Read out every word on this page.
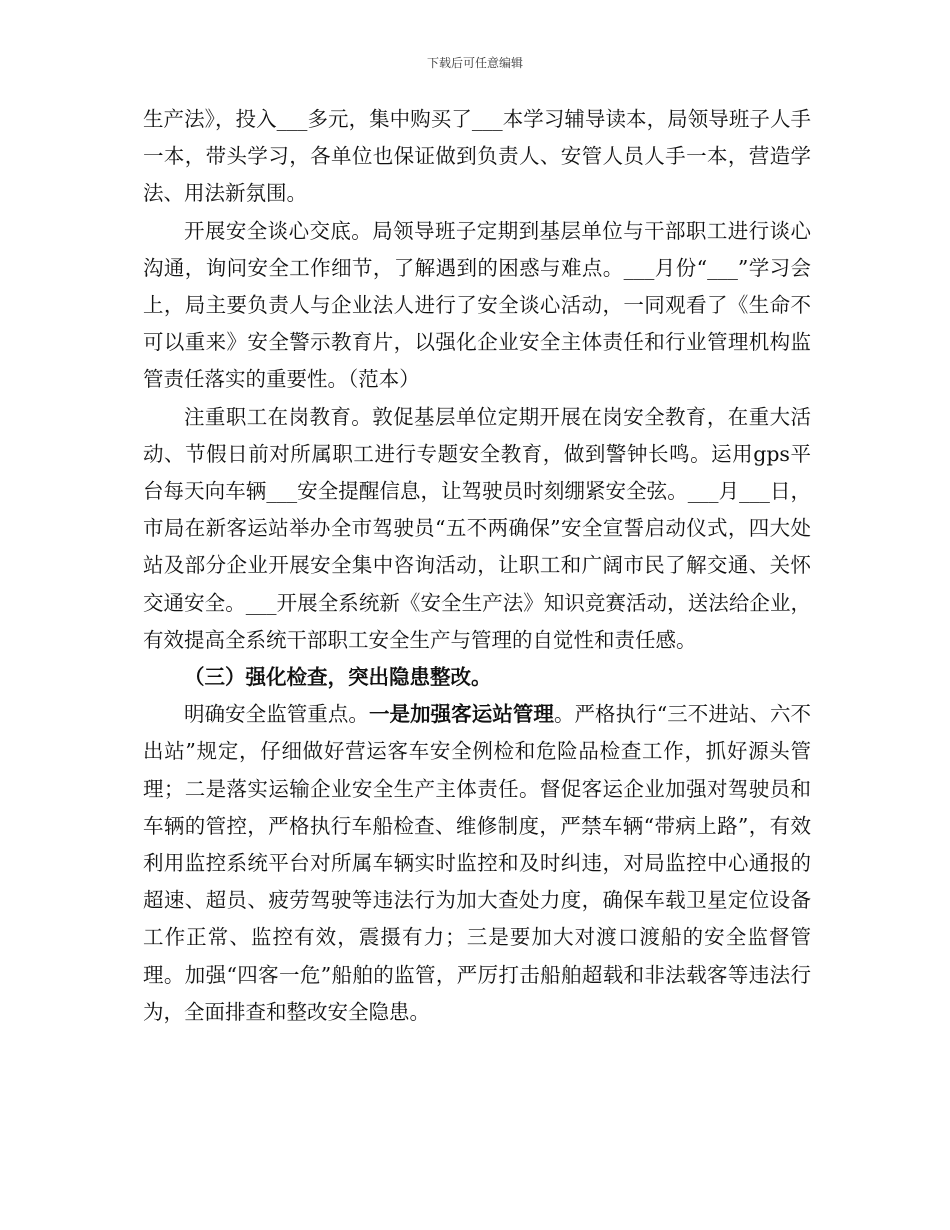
下载后可任意编辑

生产法》，投入___多元，集中购买了___本学习辅导读本，局领导班子人手一本，带头学习，各单位也保证做到负责人、安管人员人手一本，营造学法、用法新氛围。

开展安全谈心交底。局领导班子定期到基层单位与干部职工进行谈心沟通，询问安全工作细节，了解遇到的困惑与难点。___月份“___”学习会上，局主要负责人与企业法人进行了安全谈心活动，一同观看了《生命不可以重来》安全警示教育片，以强化企业安全主体责任和行业管理机构监管责任落实的重要性。（范本）

注重职工在岗教育。敦促基层单位定期开展在岗安全教育，在重大活动、节假日前对所属职工进行专题安全教育，做到警钟长鸣。运用gps平台每天向车辆___安全提醒信息，让驾驶员时刻绷紧安全弦。___月___日，市局在新客运站举办全市驾驶员“五不两确保”安全宣誓启动仪式，四大处站及部分企业开展安全集中咨询活动，让职工和广阔市民了解交通、关怀交通安全。___开展全系统新《安全生产法》知识竞赛活动，送法给企业，有效提高全系统干部职工安全生产与管理的自觉性和责任感。

（三）强化检查，突出隐患整改。

明确安全监管重点。一是加强客运站管理。严格执行“三不进站、六不出站”规定，仔细做好营运客车安全例检和危险品检查工作，抓好源头管理；二是落实运输企业安全生产主体责任。督促客运企业加强对驾驶员和车辆的管控，严格执行车船检查、维修制度，严禁车辆“带病上路”，有效利用监控系统平台对所属车辆实时监控和及时纠违，对局监控中心通报的超速、超员、疲劳驾驶等违法行为加大查处力度，确保车载卫星定位设备工作正常、监控有效，震摄有力；三是要加大对渡口渡船的安全监督管理。加强“四客一危”船舶的监管，严厉打击船舶超载和非法载客等违法行为，全面排查和整改安全隐患。
